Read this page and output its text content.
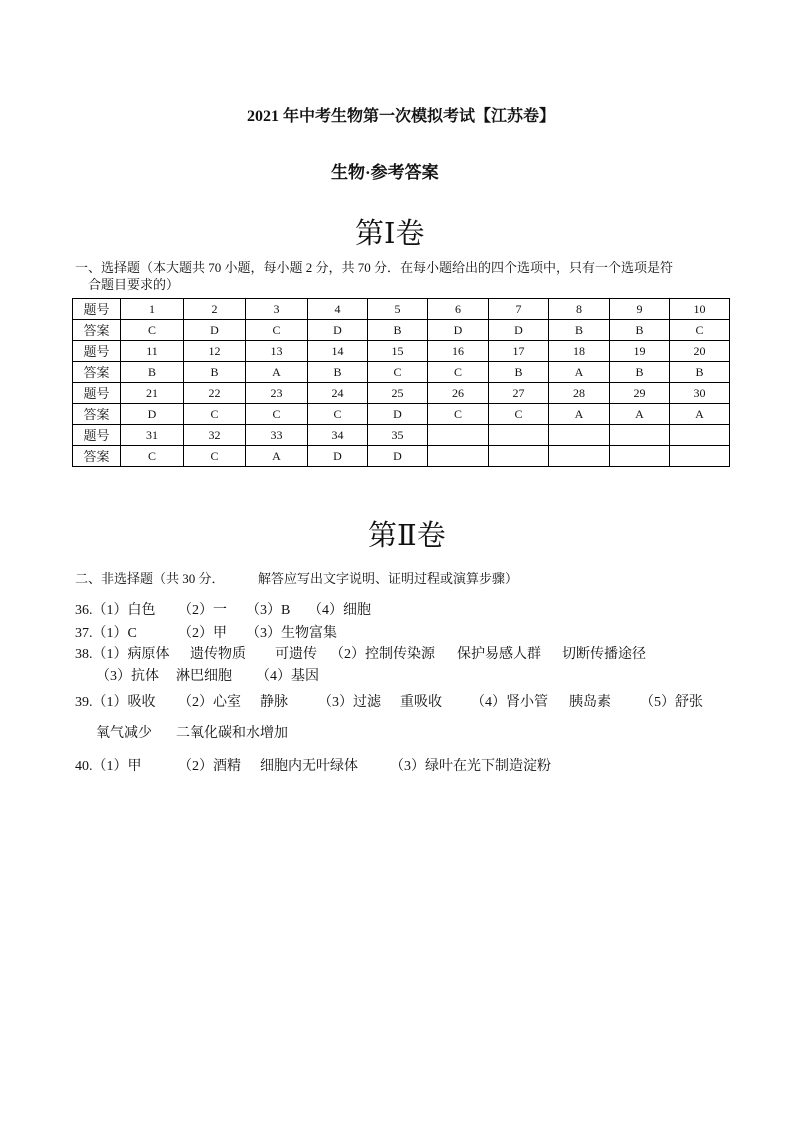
2021 年中考生物第一次模拟考试【江苏卷】
生物·参考答案
第Ⅰ卷
一、选择题（本大题共 70 小题，每小题 2 分，共 70 分．在每小题给出的四个选项中，只有一个选项是符
合题目要求的）
题号	1	2	3	4	5	6	7	8	9	10
答案	C	D	C	D	B	D	D	B	B	C
题号	11	12	13	14	15	16	17	18	19	20
答案	B	B	A	B	C	C	B	A	B	B
题号	21	22	23	24	25	26	27	28	29	30
答案	D	C	C	C	D	C	C	A	A	A
题号	31	32	33	34	35					
答案	C	C	A	D	D					
第Ⅱ卷
二、非选择题（共 30 分．	解答应写出文字说明、证明过程或演算步骤）
36.（1）白色 （2）一 （3）B （4）细胞
37.（1）C	（2）甲 （3）生物富集
38.（1）病原体 遗传物质 可遗传 （2）控制传染源 保护易感人群 切断传播途径
（3）抗体 淋巴细胞 （4）基因
39.（1）吸收 （2）心室 静脉 （3）过滤 重吸收 （4）肾小管 胰岛素 （5）舒张
氧气减少 二氧化碳和水增加
40.（1）甲	（2）酒精 细胞内无叶绿体 （3）绿叶在光下制造淀粉
